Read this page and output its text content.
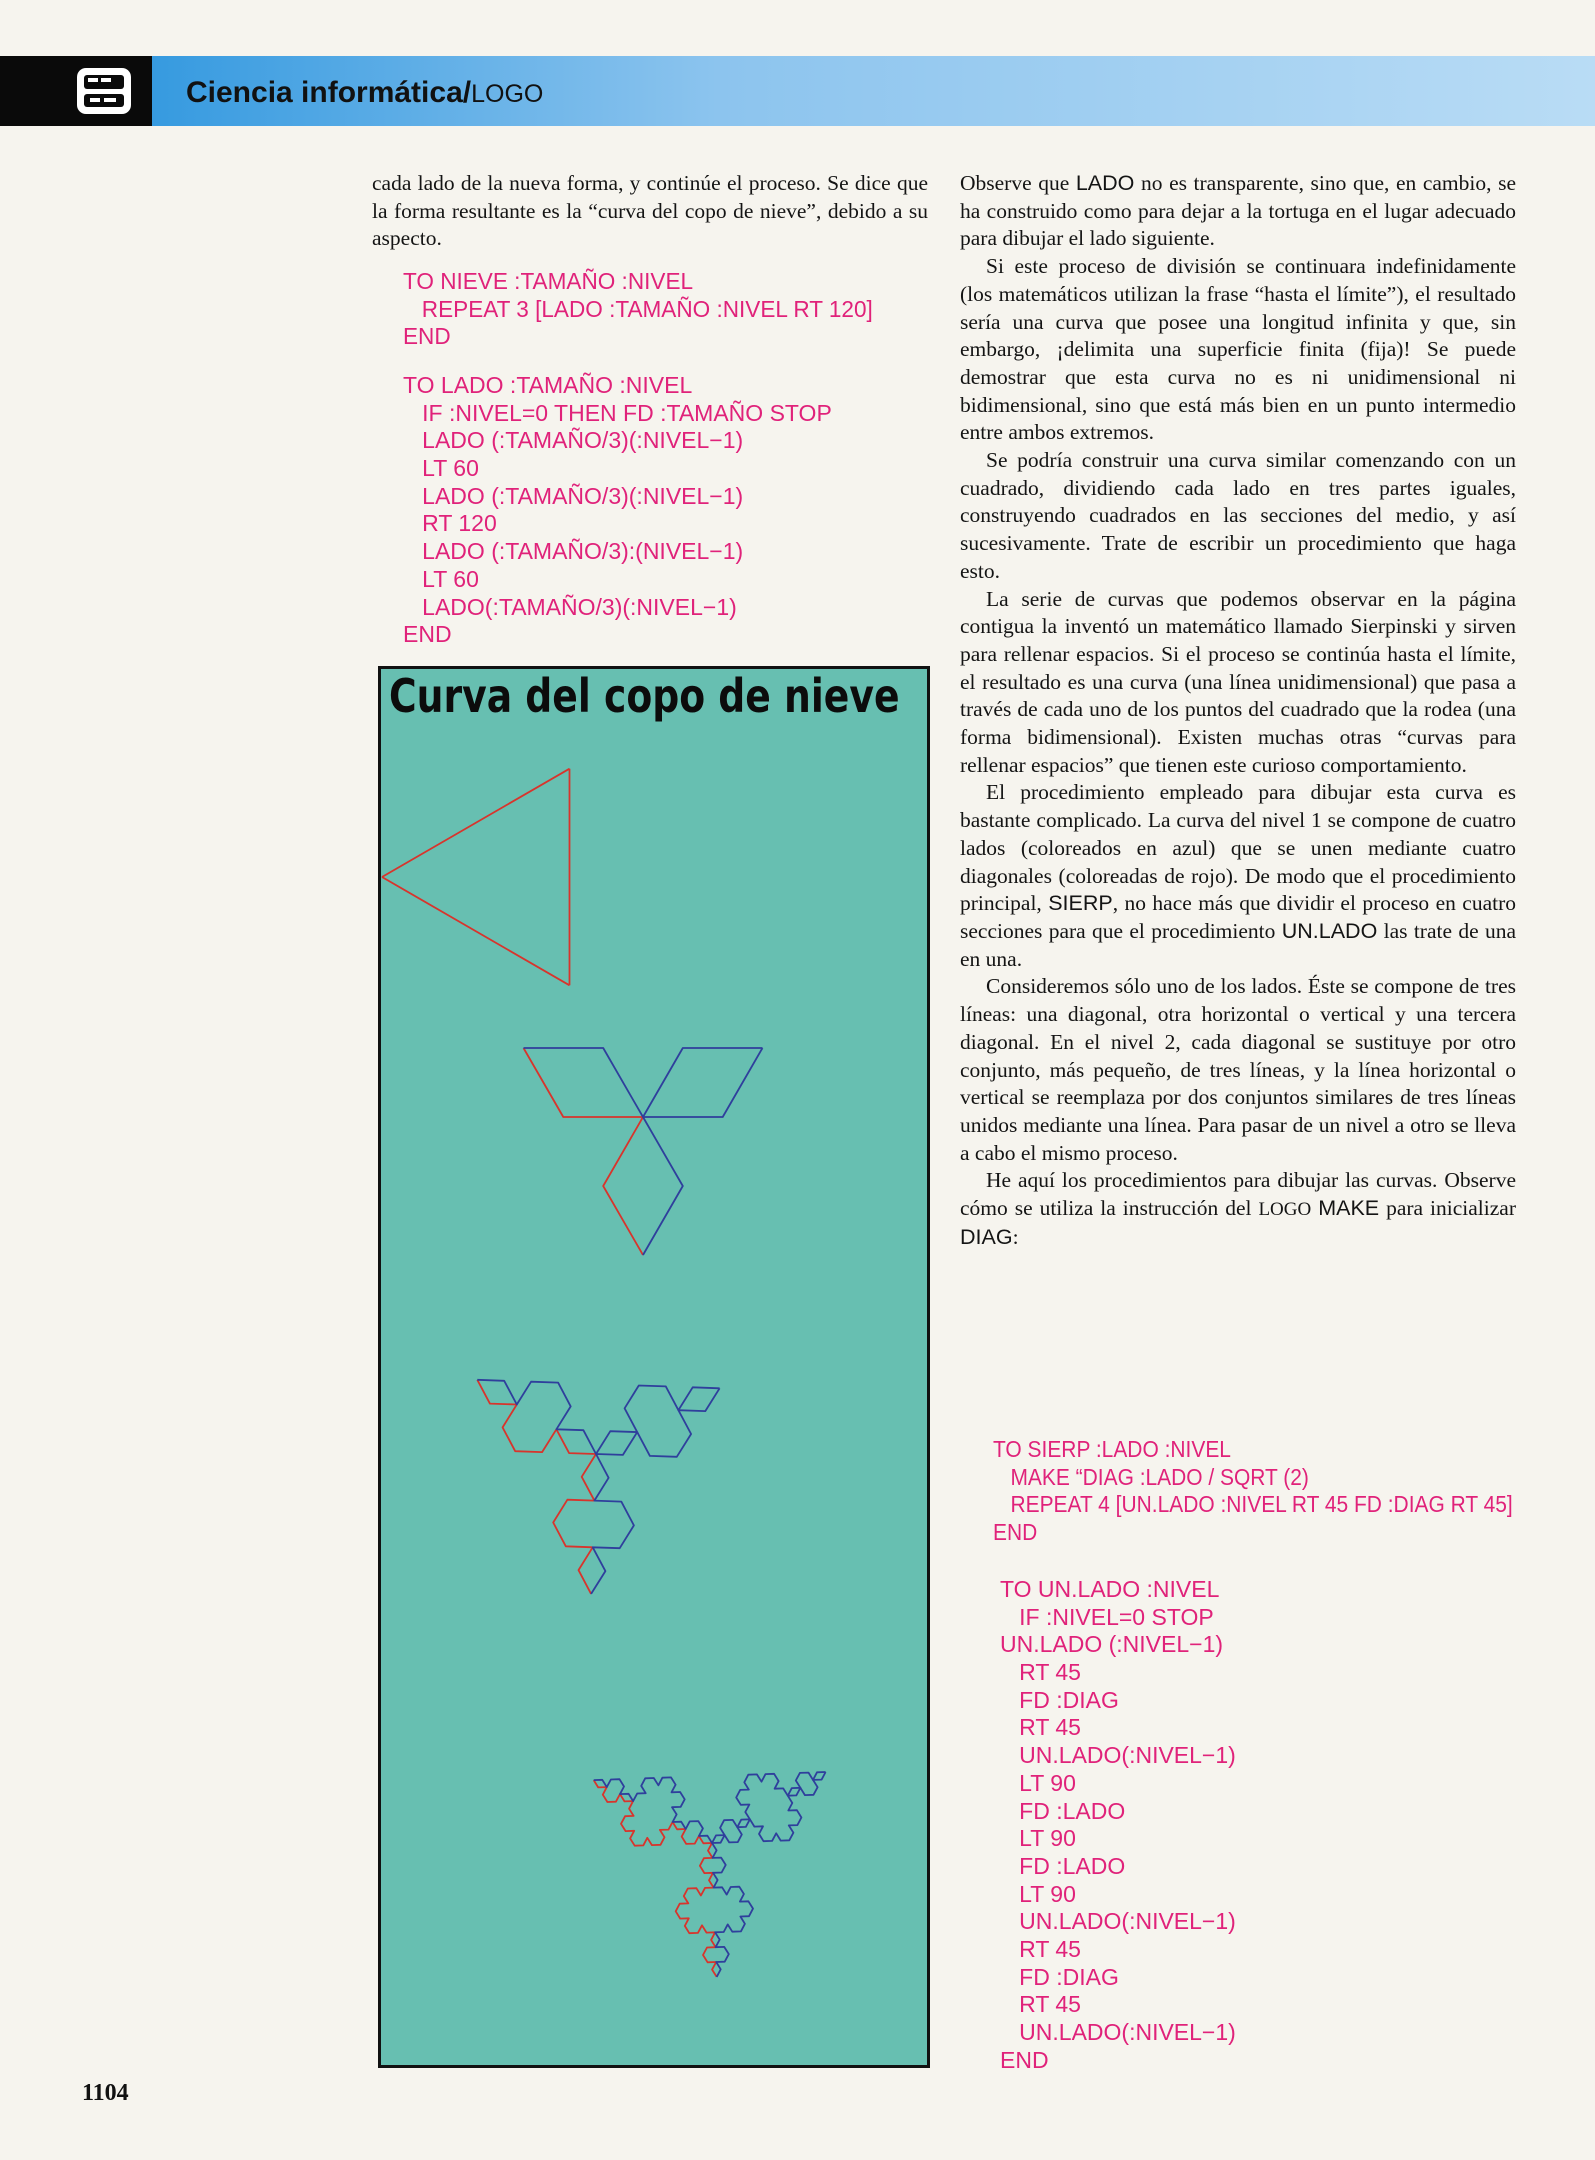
Ciencia informática/LOGO

cada lado de la nueva forma, y continúe el proceso. Se dice que la forma resultante es la “curva del copo de nieve”, debido a su aspecto.

TO NIEVE :TAMAÑO :NIVEL
REPEAT 3 [LADO :TAMAÑO :NIVEL RT 120]
END
TO LADO :TAMAÑO :NIVEL
IF :NIVEL=0 THEN FD :TAMAÑO STOP
LADO (:TAMAÑO/3)(:NIVEL−1)
LT 60
LADO (:TAMAÑO/3)(:NIVEL−1)
RT 120
LADO (:TAMAÑO/3):(NIVEL−1)
LT 60
LADO(:TAMAÑO/3)(:NIVEL−1)
END
Curva del copo de nieve

Observe que LADO no es transparente, sino que, en cambio, se ha construido como para dejar a la tortuga en el lugar adecuado para dibujar el lado siguiente.

Si este proceso de división se continuara indefinidamente (los matemáticos utilizan la frase “hasta el límite”), el resultado sería una curva que posee una longitud infinita y que, sin embargo, ¡delimita una superficie finita (fija)! Se puede demostrar que esta curva no es ni unidimensional ni bidimensional, sino que está más bien en un punto intermedio entre ambos extremos.

Se podría construir una curva similar comenzando con un cuadrado, dividiendo cada lado en tres partes iguales, construyendo cuadrados en las secciones del medio, y así sucesivamente. Trate de escribir un procedimiento que haga esto.

La serie de curvas que podemos observar en la página contigua la inventó un matemático llamado Sierpinski y sirven para rellenar espacios. Si el proceso se continúa hasta el límite, el resultado es una curva (una línea unidimensional) que pasa a través de cada uno de los puntos del cuadrado que la rodea (una forma bidimensional). Existen muchas otras “curvas para rellenar espacios” que tienen este curioso comportamiento.

El procedimiento empleado para dibujar esta curva es bastante complicado. La curva del nivel 1 se compone de cuatro lados (coloreados en azul) que se unen mediante cuatro diagonales (coloreadas de rojo). De modo que el procedimiento principal, SIERP, no hace más que dividir el proceso en cuatro secciones para que el procedimiento UN.LADO las trate de una en una.

Consideremos sólo uno de los lados. Éste se compone de tres líneas: una diagonal, otra horizontal o vertical y una tercera diagonal. En el nivel 2, cada diagonal se sustituye por otro conjunto, más pequeño, de tres líneas, y la línea horizontal o vertical se reemplaza por dos conjuntos similares de tres líneas unidos mediante una línea. Para pasar de un nivel a otro se lleva a cabo el mismo proceso.

He aquí los procedimientos para dibujar las curvas. Observe cómo se utiliza la instrucción del LOGO MAKE para inicializar DIAG:

TO SIERP :LADO :NIVEL
MAKE “DIAG :LADO / SQRT (2)
REPEAT 4 [UN.LADO :NIVEL RT 45 FD :DIAG RT 45]
END
TO UN.LADO :NIVEL
IF :NIVEL=0 STOP
UN.LADO (:NIVEL−1)
RT 45
FD :DIAG
RT 45
UN.LADO(:NIVEL−1)
LT 90
FD :LADO
LT 90
FD :LADO
LT 90
UN.LADO(:NIVEL−1)
RT 45
FD :DIAG
RT 45
UN.LADO(:NIVEL−1)
END
1104
